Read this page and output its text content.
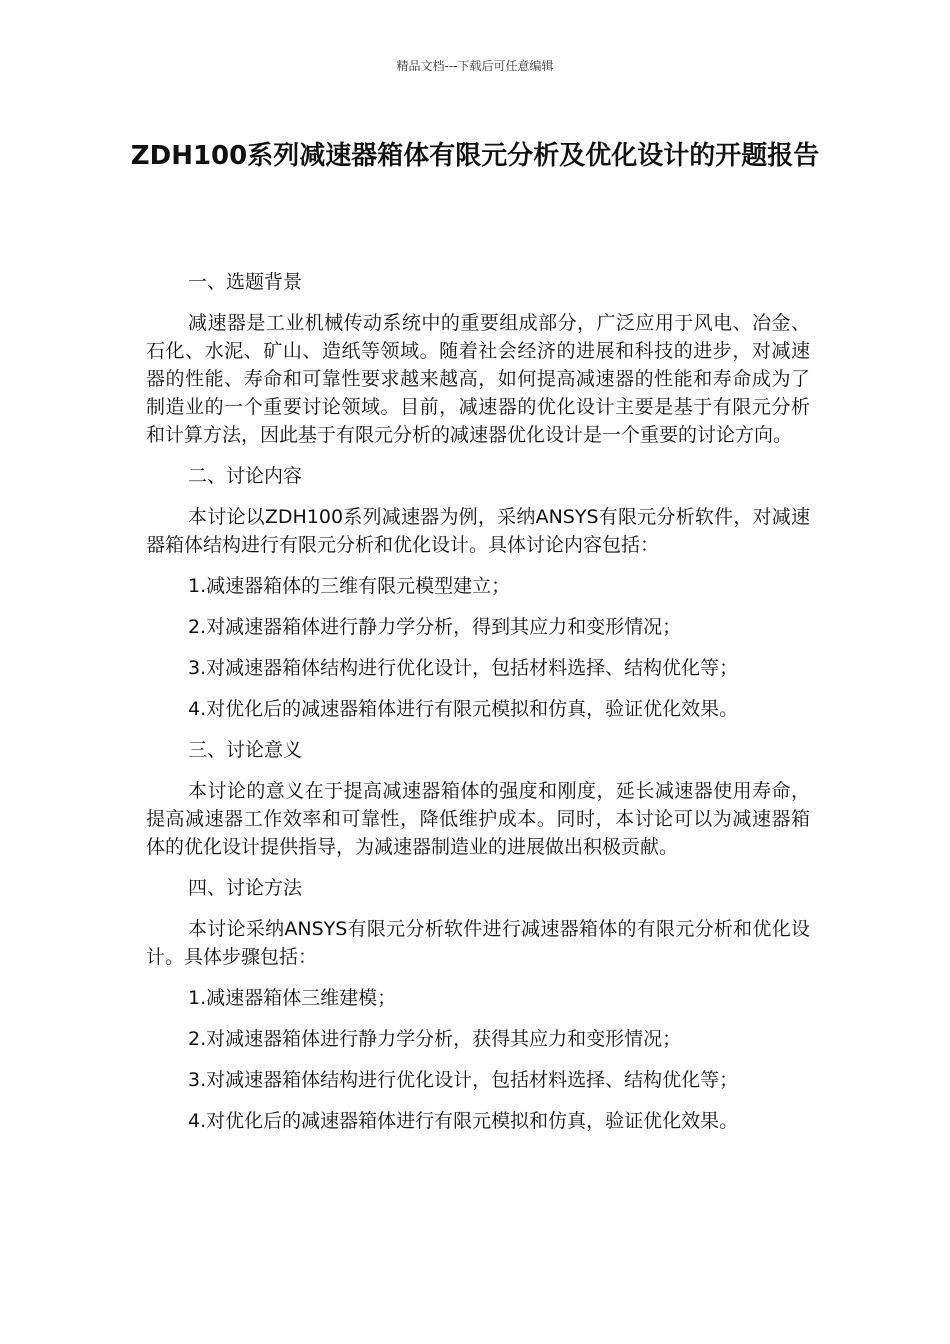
精品文档---下载后可任意编辑
ZDH100系列减速器箱体有限元分析及优化设计的开题报告

一、选题背景

减速器是工业机械传动系统中的重要组成部分，广泛应用于风电、冶金、石化、水泥、矿山、造纸等领域。随着社会经济的进展和科技的进步，对减速器的性能、寿命和可靠性要求越来越高，如何提高减速器的性能和寿命成为了制造业的一个重要讨论领域。目前，减速器的优化设计主要是基于有限元分析和计算方法，因此基于有限元分析的减速器优化设计是一个重要的讨论方向。

二、讨论内容

本讨论以ZDH100系列减速器为例，采纳ANSYS有限元分析软件，对减速器箱体结构进行有限元分析和优化设计。具体讨论内容包括：

1.减速器箱体的三维有限元模型建立；

2.对减速器箱体进行静力学分析，得到其应力和变形情况；

3.对减速器箱体结构进行优化设计，包括材料选择、结构优化等；

4.对优化后的减速器箱体进行有限元模拟和仿真，验证优化效果。

三、讨论意义

本讨论的意义在于提高减速器箱体的强度和刚度，延长减速器使用寿命，提高减速器工作效率和可靠性，降低维护成本。同时，本讨论可以为减速器箱体的优化设计提供指导，为减速器制造业的进展做出积极贡献。

四、讨论方法

本讨论采纳ANSYS有限元分析软件进行减速器箱体的有限元分析和优化设计。具体步骤包括：

1.减速器箱体三维建模；

2.对减速器箱体进行静力学分析，获得其应力和变形情况；

3.对减速器箱体结构进行优化设计，包括材料选择、结构优化等；

4.对优化后的减速器箱体进行有限元模拟和仿真，验证优化效果。
